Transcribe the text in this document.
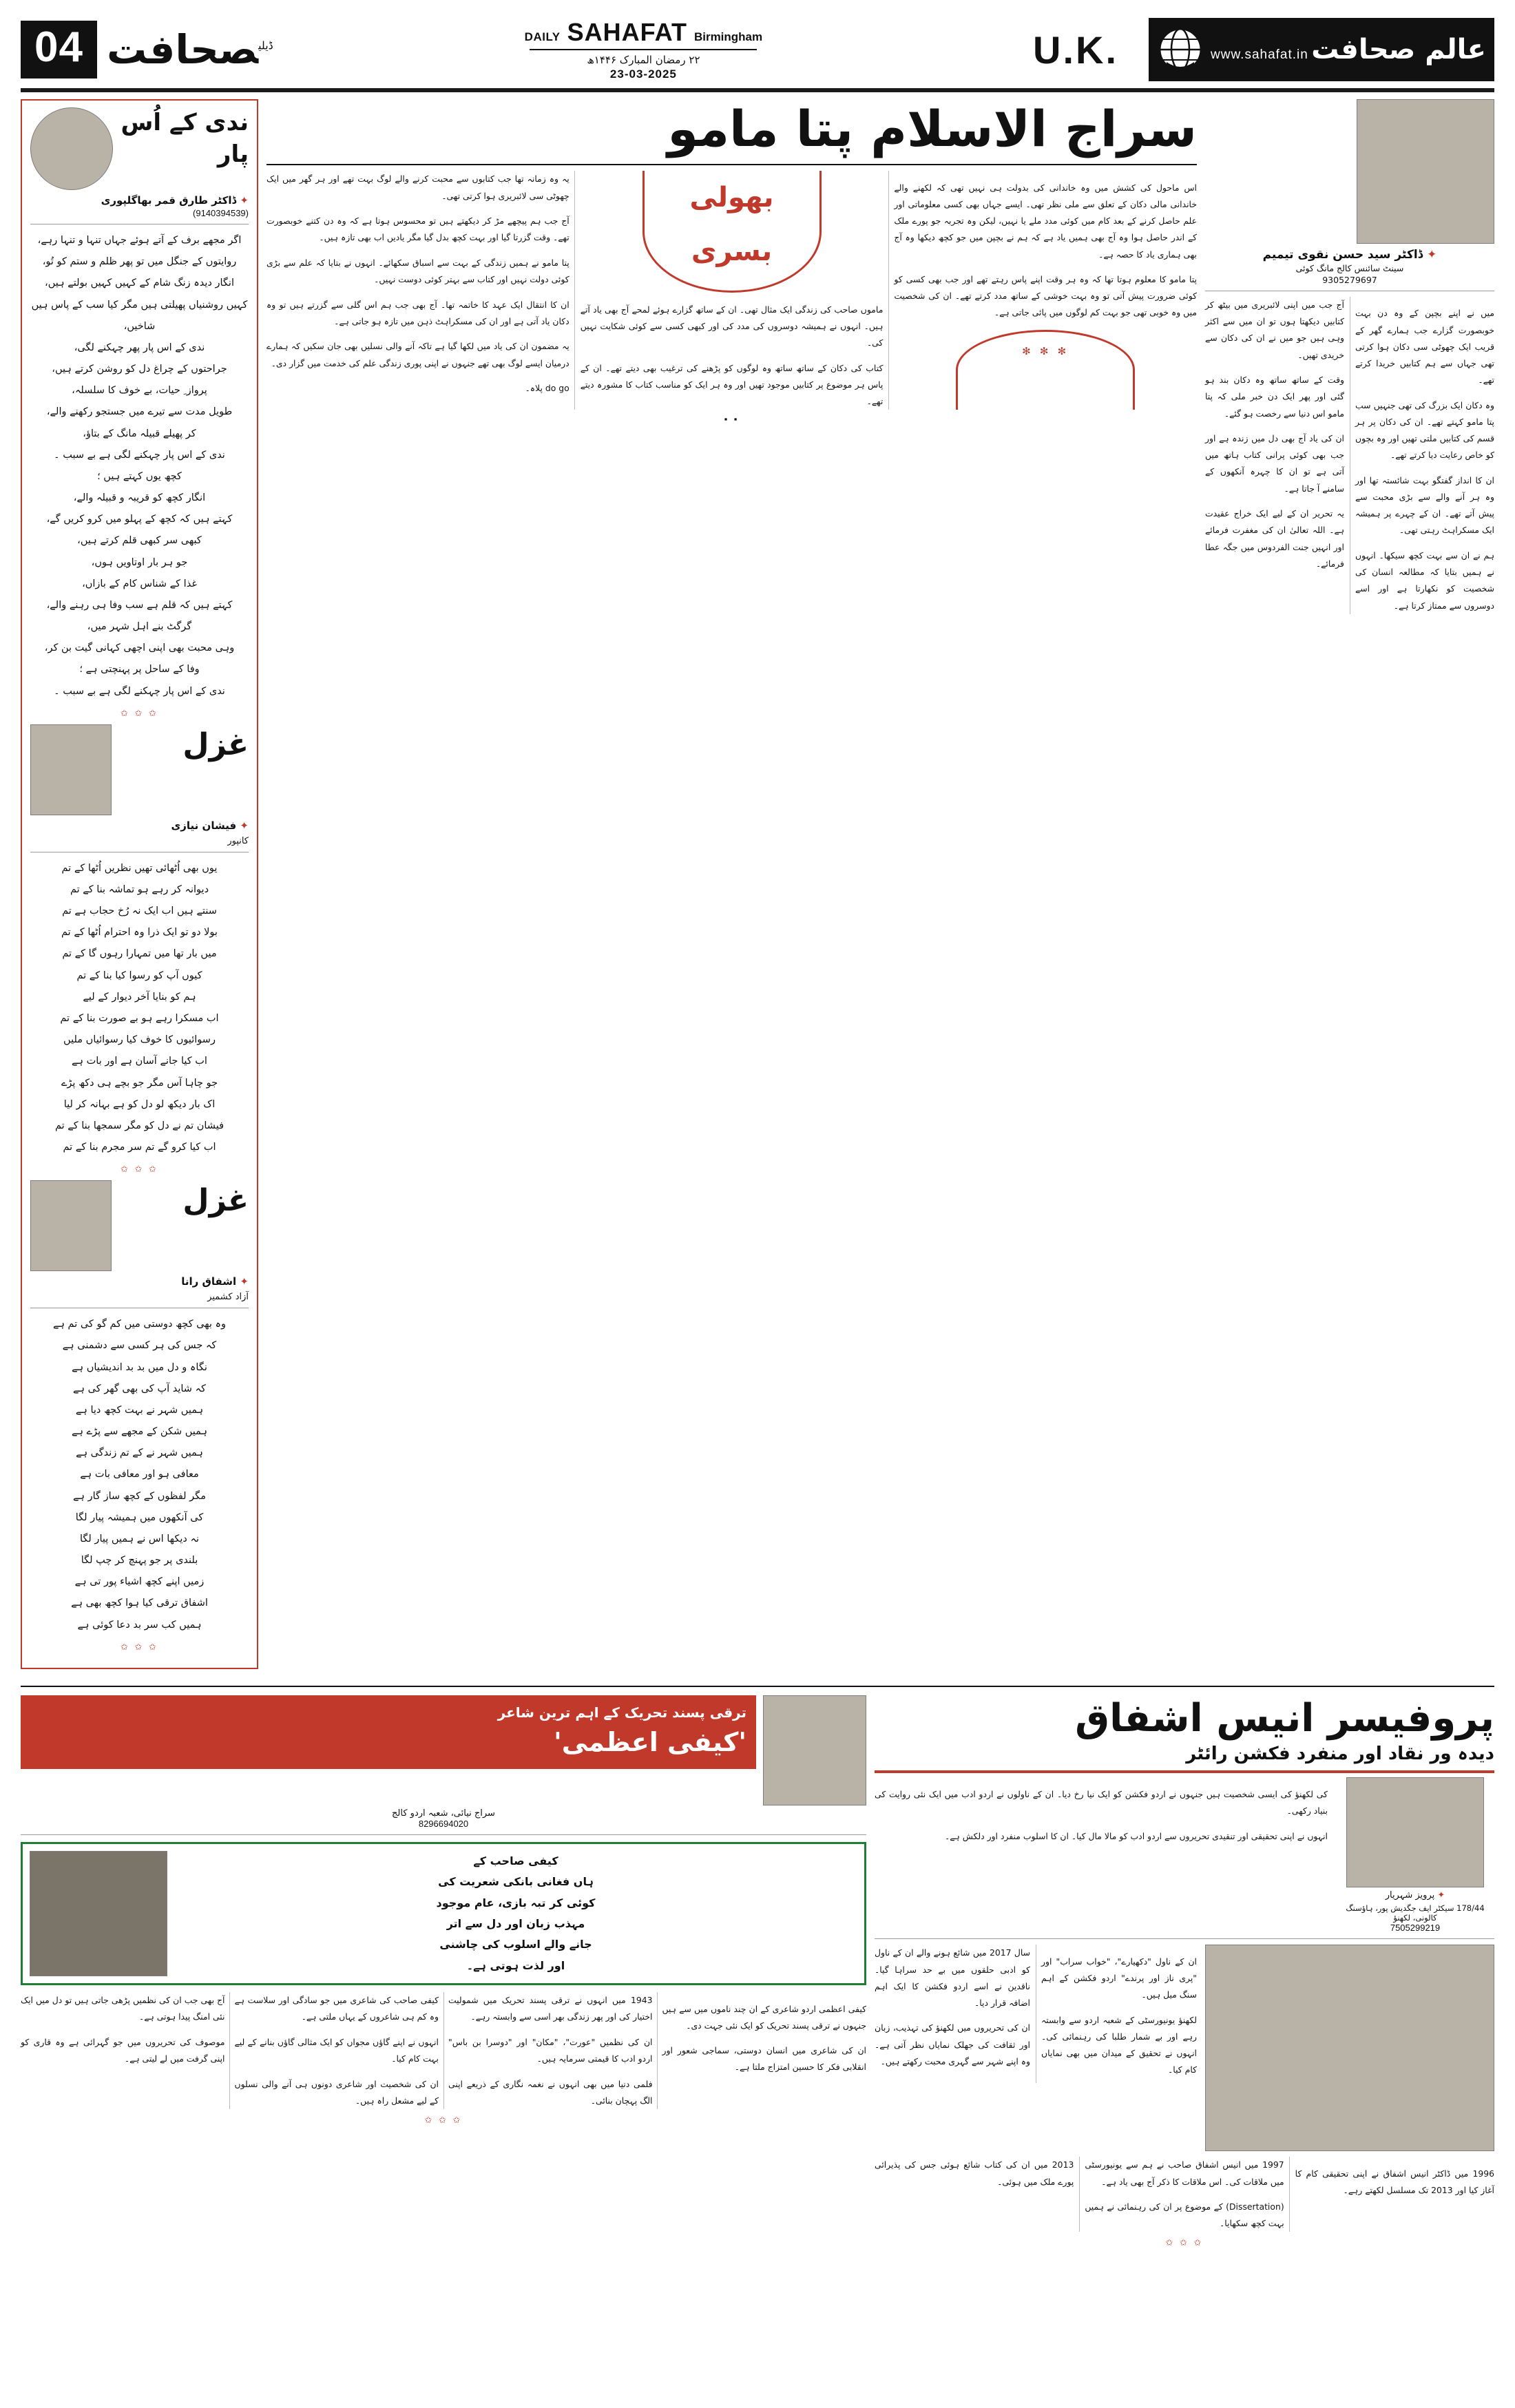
04	$^{ڈیلی}$صحافت	DAILY SAHAFAT Birmingham
۲۲ رمضان المبارک ۱۴۴۶ھ
23-03-2025
U.K.	عالم صحافت www.sahafat.in
ندی کے اُس پار
✦ ڈاکٹر طارق قمر بھاگلپوری
(9140394539)
اگر مجھے برف کے آتے ہوئے جہاں تنہا و تنہا رہے،
روایتوں کے جنگل میں تو پھر ظلم و ستم کو تُو،
انگار دیدہ زنگ شام کے کہیں کہیں بولتے ہیں،
کہیں روشنیاں پھیلتی ہیں مگر کیا سب کے پاس ہیں شاخیں،
ندی کے اس پار پھر چہکنے لگی،
جراحتوں کے چراغ دل کو روشن کرتے ہیں،
پرواز ِ حیات، بے خوف کا سلسلہ،
طویل مدت سے تیرے میں جستجو رکھنے والے،
کر پھیلے قبیلہ مانگ کے بتاؤ،
ندی کے اس پار چہکنے لگی ہے بے سبب ۔
کچھ یوں کہتے ہیں ؛
انگار کچھ کو قریبہ و قبیلہ والے،
کہتے ہیں کہ کچھ کے پہلو میں کرو کریں گے،
کبھی سر کبھی قلم کرتے ہیں،
جو ہر بار اوتاویں ہوں،
غذا کے شناس کام کے بازاں،
کہتے ہیں کہ قلم ہے سب وفا ہی رہنے والے،
گرگٹ بنے اہل شہر میں،
وہی محبت بھی اپنی اچھی کہانی گیت بن کر،
وفا کے ساحل پر پہنچتی ہے ؛
ندی کے اس پار چہکنے لگی ہے بے سبب ۔
✩ ✩ ✩
غزل
✦ فیشان نیازی
کانپور
یوں بھی اُٹھائی تھیں نظریں اُٹھا کے تم
دیوانہ کر رہے ہو تماشہ بنا کے تم
سنتے ہیں اب ایک نہ رُخ حجاب ہے تم
بولا دو تو ایک ذرا وہ احترام اُٹھا کے تم
میں بار تھا میں تمہارا رہوں گا کے تم
کیوں آپ کو رسوا کیا بنا کے تم
ہم کو بنایا آخر دیوار کے لیے
اب مسکرا رہے ہو بے صورت بنا کے تم
رسوائیوں کا خوف کیا رسوائیاں ملیں
اب کیا جانے آسان ہے اور بات ہے
جو چاہا آس مگر جو بچے ہی دکھ پڑے
اک بار دیکھ لو دل کو ہے بہانہ کر لیا
فیشان تم نے دل کو مگر سمجھا بنا کے تم
اب کیا کرو گے تم سر مجرم بنا کے تم
✩ ✩ ✩
غزل
✦ اشفاق رانا
آزاد کشمیر
وہ بھی کچھ دوستی میں کم گو کی تم ہے
کہ جس کی ہر کسی سے دشمنی ہے
نگاہ و دل میں بد بد اندیشیاں ہے
کہ شاید آپ کی بھی گھر کی ہے
ہمیں شہر نے بہت کچھ دیا ہے
ہمیں شکن کے مجھے سے پڑے ہے
ہمیں شہر نے کے تم زندگی ہے
معافی ہو اور معافی بات ہے
مگر لفظوں کے کچھ ساز گار ہے
کی آنکھوں میں ہمیشہ پیار لگا
نہ دیکھا اس نے ہمیں پیار لگا
بلندی پر جو پہنچ کر چپ لگا
زمیں اپنے کچھ اشیاء پور تی ہے
اشفاق ترقی کیا ہوا کچھ بھی ہے
ہمیں کب سر بد دعا کوئی ہے
✩ ✩ ✩
سراج الاسلام پتا مامو

اس ماحول کی کشش میں وہ خاندانی کی بدولت ہی نہیں تھی کہ لکھنے والے خاندانی مالی دکان کے تعلق سے ملی نظر تھی۔ ایسے جہاں بھی کسی معلوماتی اور علم حاصل کرنے کے بعد کام میں کوئی مدد ملے یا نہیں، لیکن وہ تجربہ جو پورے ملک کے اندر حاصل ہوا وہ آج بھی ہمیں یاد ہے کہ ہم نے بچپن میں جو کچھ دیکھا وہ آج بھی ہماری یاد کا حصہ ہے۔

پتا مامو کا معلوم ہوتا تھا کہ وہ ہر وقت اپنے پاس رہتے تھے اور جب بھی کسی کو کوئی ضرورت پیش آتی تو وہ بہت خوشی کے ساتھ مدد کرتے تھے۔ ان کی شخصیت میں وہ خوبی تھی جو بہت کم لوگوں میں پائی جاتی ہے۔

✻ ✻ ✻
بھولی بسری

ماموں صاحب کی زندگی ایک مثال تھی۔ ان کے ساتھ گزارے ہوئے لمحے آج بھی یاد آتے ہیں۔ انہوں نے ہمیشہ دوسروں کی مدد کی اور کبھی کسی سے کوئی شکایت نہیں کی۔

کتاب کی دکان کے ساتھ ساتھ وہ لوگوں کو پڑھنے کی ترغیب بھی دیتے تھے۔ ان کے پاس ہر موضوع پر کتابیں موجود تھیں اور وہ ہر ایک کو مناسب کتاب کا مشورہ دیتے تھے۔

یہ وہ زمانہ تھا جب کتابوں سے محبت کرنے والے لوگ بہت تھے اور ہر گھر میں ایک چھوٹی سی لائبریری ہوا کرتی تھی۔

آج جب ہم پیچھے مڑ کر دیکھتے ہیں تو محسوس ہوتا ہے کہ وہ دن کتنے خوبصورت تھے۔ وقت گزرتا گیا اور بہت کچھ بدل گیا مگر یادیں اب بھی تازہ ہیں۔

پتا مامو نے ہمیں زندگی کے بہت سے اسباق سکھائے۔ انہوں نے بتایا کہ علم سے بڑی کوئی دولت نہیں اور کتاب سے بہتر کوئی دوست نہیں۔

ان کا انتقال ایک عہد کا خاتمہ تھا۔ آج بھی جب ہم اس گلی سے گزرتے ہیں تو وہ دکان یاد آتی ہے اور ان کی مسکراہٹ ذہن میں تازہ ہو جاتی ہے۔

یہ مضمون ان کی یاد میں لکھا گیا ہے تاکہ آنے والی نسلیں بھی جان سکیں کہ ہمارے درمیان ایسے لوگ بھی تھے جنہوں نے اپنی پوری زندگی علم کی خدمت میں گزار دی۔

do go پلاہ۔

▪ ▪
✦ ڈاکٹر سید حسن نقوی تیمیم
سینٹ سائنس کالج مانگ کوئی
9305279697

میں نے اپنے بچپن کے وہ دن بہت خوبصورت گزارے جب ہمارے گھر کے قریب ایک چھوٹی سی دکان ہوا کرتی تھی جہاں سے ہم کتابیں خریدا کرتے تھے۔

وہ دکان ایک بزرگ کی تھی جنہیں سب پتا مامو کہتے تھے۔ ان کی دکان پر ہر قسم کی کتابیں ملتی تھیں اور وہ بچوں کو خاص رعایت دیا کرتے تھے۔

ان کا انداز گفتگو بہت شائستہ تھا اور وہ ہر آنے والے سے بڑی محبت سے پیش آتے تھے۔ ان کے چہرے پر ہمیشہ ایک مسکراہٹ رہتی تھی۔

ہم نے ان سے بہت کچھ سیکھا۔ انہوں نے ہمیں بتایا کہ مطالعہ انسان کی شخصیت کو نکھارتا ہے اور اسے دوسروں سے ممتاز کرتا ہے۔

آج جب میں اپنی لائبریری میں بیٹھ کر کتابیں دیکھتا ہوں تو ان میں سے اکثر وہی ہیں جو میں نے ان کی دکان سے خریدی تھیں۔

وقت کے ساتھ ساتھ وہ دکان بند ہو گئی اور پھر ایک دن خبر ملی کہ پتا مامو اس دنیا سے رخصت ہو گئے۔

ان کی یاد آج بھی دل میں زندہ ہے اور جب بھی کوئی پرانی کتاب ہاتھ میں آتی ہے تو ان کا چہرہ آنکھوں کے سامنے آ جاتا ہے۔

یہ تحریر ان کے لیے ایک خراج عقیدت ہے۔ اللہ تعالیٰ ان کی مغفرت فرمائے اور انہیں جنت الفردوس میں جگہ عطا فرمائے۔

ترقی پسند تحریک کے اہم ترین شاعر
'کیفی اعظمی'
سراج نیائی، شعبہ اردو کالج
8296694020
کیفی صاحب کے
ہاں فغانی بانکی شعریت کی
کوئی کر تبہ بازی، عام موجود
مہذب زبان اور دل سے اتر
جانے والے اسلوب کی چاشنی
اور لذت ہوتی ہے۔

کیفی اعظمی اردو شاعری کے ان چند ناموں میں سے ہیں جنہوں نے ترقی پسند تحریک کو ایک نئی جہت دی۔

ان کی شاعری میں انسان دوستی، سماجی شعور اور انقلابی فکر کا حسین امتزاج ملتا ہے۔

1943 میں انہوں نے ترقی پسند تحریک میں شمولیت اختیار کی اور پھر زندگی بھر اسی سے وابستہ رہے۔

ان کی نظمیں "عورت"، "مکان" اور "دوسرا بن باس" اردو ادب کا قیمتی سرمایہ ہیں۔

فلمی دنیا میں بھی انہوں نے نغمہ نگاری کے ذریعے اپنی الگ پہچان بنائی۔

کیفی صاحب کی شاعری میں جو سادگی اور سلاست ہے وہ کم ہی شاعروں کے یہاں ملتی ہے۔

انہوں نے اپنے گاؤں مجواں کو ایک مثالی گاؤں بنانے کے لیے بہت کام کیا۔

ان کی شخصیت اور شاعری دونوں ہی آنے والی نسلوں کے لیے مشعل راہ ہیں۔

آج بھی جب ان کی نظمیں پڑھی جاتی ہیں تو دل میں ایک نئی امنگ پیدا ہوتی ہے۔

موصوف کی تحریروں میں جو گہرائی ہے وہ قاری کو اپنی گرفت میں لے لیتی ہے۔

✩ ✩ ✩
پروفیسر انیس اشفاق
دیدہ ور نقاد اور منفرد فکشن رائٹر
✦ پرویز شہریار
178/44 سیکٹر ایف جگدیش پور، ہاؤسنگ کالونی، لکھنؤ
7505299219

کی لکھنؤ کی ایسی شخصیت ہیں جنہوں نے اردو فکشن کو ایک نیا رخ دیا۔ ان کے ناولوں نے اردو ادب میں ایک نئی روایت کی بنیاد رکھی۔

انہوں نے اپنی تحقیقی اور تنقیدی تحریروں سے اردو ادب کو مالا مال کیا۔ ان کا اسلوب منفرد اور دلکش ہے۔

ان کے ناول "دکھیارے"، "خواب سراب" اور "پری ناز اور پرندے" اردو فکشن کے اہم سنگ میل ہیں۔

لکھنؤ یونیورسٹی کے شعبہ اردو سے وابستہ رہے اور بے شمار طلبا کی رہنمائی کی۔ انہوں نے تحقیق کے میدان میں بھی نمایاں کام کیا۔

سال 2017 میں شائع ہونے والے ان کے ناول کو ادبی حلقوں میں بے حد سراہا گیا۔ ناقدین نے اسے اردو فکشن کا ایک اہم اضافہ قرار دیا۔

ان کی تحریروں میں لکھنؤ کی تہذیب، زبان اور ثقافت کی جھلک نمایاں نظر آتی ہے۔ وہ اپنے شہر سے گہری محبت رکھتے ہیں۔

1996 میں ڈاکٹر انیس اشفاق نے اپنی تحقیقی کام کا آغاز کیا اور 2013 تک مسلسل لکھتے رہے۔

1997 میں انیس اشفاق صاحب نے ہم سے یونیورسٹی میں ملاقات کی۔ اس ملاقات کا ذکر آج بھی یاد ہے۔

(Dissertation) کے موضوع پر ان کی رہنمائی نے ہمیں بہت کچھ سکھایا۔

2013 میں ان کی کتاب شائع ہوئی جس کی پذیرائی پورے ملک میں ہوئی۔

✩ ✩ ✩
